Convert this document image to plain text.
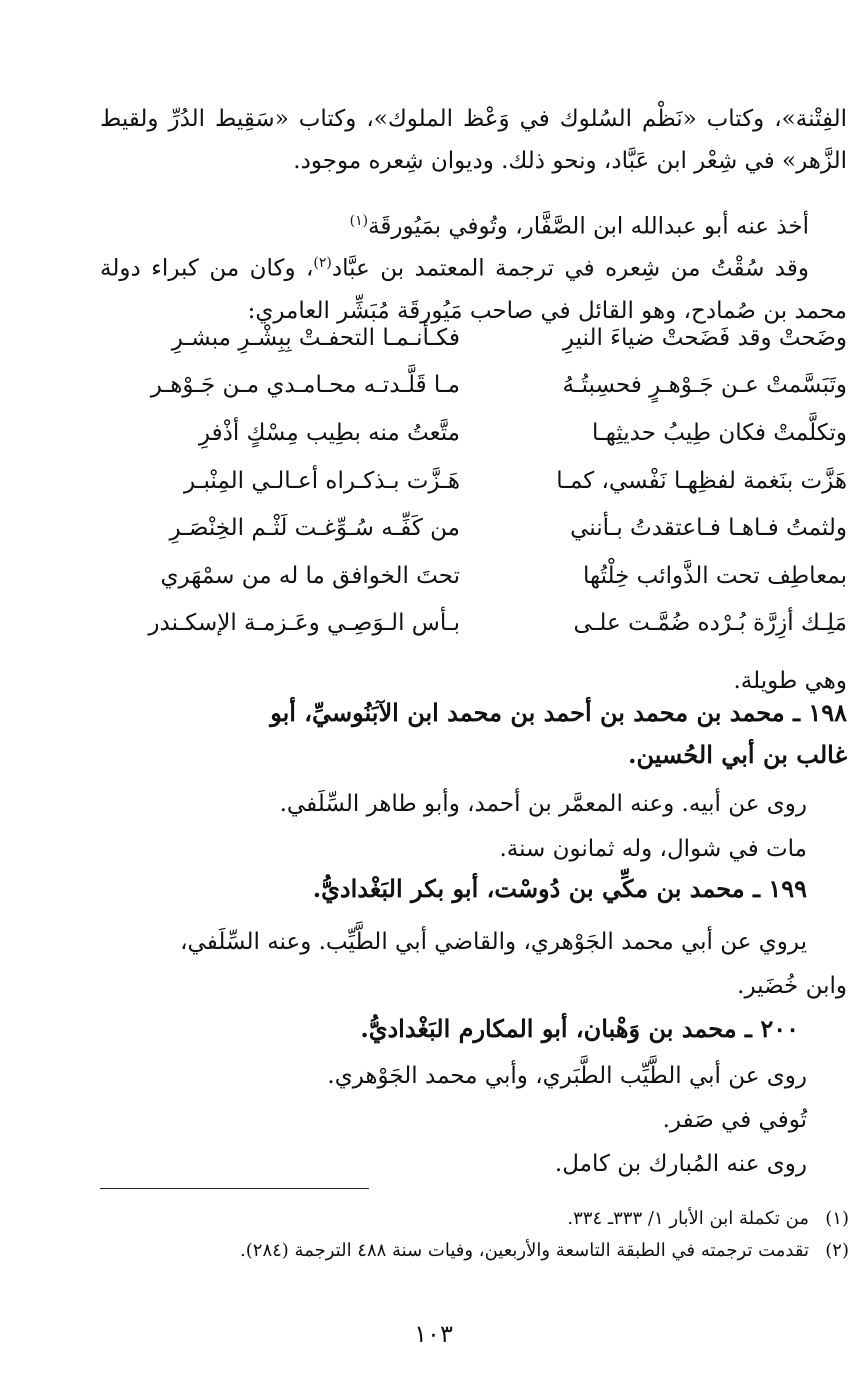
الفِتْنة»، وكتاب «نَظْم السُلوك في وَعْظ الملوك»، وكتاب «سَقِيط الدُرِّ ولقيط الزَّهر» في شِعْر ابن عَبَّاد، ونحو ذلك. وديوان شِعره موجود.
أخذ عنه أبو عبدالله ابن الصَّفَّار، وتُوفي بمَيُورقَة$^{(١)}$
وقد سُقْتُ من شِعره في ترجمة المعتمد بن عبَّاد$^{(٢)}$، وكان من كبراء دولة محمد بن صُمادح، وهو القائل في صاحب مَيُورقَة مُبَشِّر العامري:
وضَحتْ وقد فَضَحتْ ضياءَ النيرِ
فكـأنـمـا التحفـتْ بِبِشْـرِ مبشـرِ
وتَبَسَّمتْ عـن جَـوْهـرٍ فحسِبتُـهُ
مـا قَلَّـدتـه محـامـدي مـن جَـوْهـر
وتكلَّمتْ فكان طِيبُ حديثِهـا
متَّعتُ منه بطِيب مِسْكٍ أذْفرِ
هَزَّت بنَغمة لفظِهـا نَفْسي، كمـا
هَـزَّت بـذكـراه أعـالـي المِنْبـر
ولثمتُ فـاهـا فـاعتقدتُ بـأنني
من كَفِّـه سُـوِّغـت لَثْـم الخِنْصَـرِ
بمعاطِف تحت الذَّوائب خِلْتُها
تحتَ الخوافق ما له من سمْهَري
مَلِـك أزِرَّة بُـرْده ضُمَّـت علـى
بـأس الـوَصِـي وعَـزمـة الإسكـندر
وهي طويلة.
١٩٨ ـ محمد بن محمد بن أحمد بن محمد ابن الآبَنُوسيِّ، أبو
غالب بن أبي الحُسين.
روى عن أبيه. وعنه المعمَّر بن أحمد، وأبو طاهر السِّلَفي.
مات في شوال، وله ثمانون سنة.
١٩٩ ـ محمد بن مكِّي بن دُوسْت، أبو بكر البَغْداديُّ.
يروي عن أبي محمد الجَوْهري، والقاضي أبي الطَّيِّب. وعنه السِّلَفي،
وابن خُضَير.
٢٠٠ ـ محمد بن وَهْبان، أبو المكارم البَغْداديُّ.
روى عن أبي الطَّيِّب الطَّبَري، وأبي محمد الجَوْهري.
تُوفي في صَفر.
روى عنه المُبارك بن كامل.
(١)من تكملة ابن الأبار ١/ ٣٣٣ـ ٣٣٤.
(٢)تقدمت ترجمته في الطبقة التاسعة والأربعين، وفيات سنة ٤٨٨ الترجمة (٢٨٤).
١٠٣
